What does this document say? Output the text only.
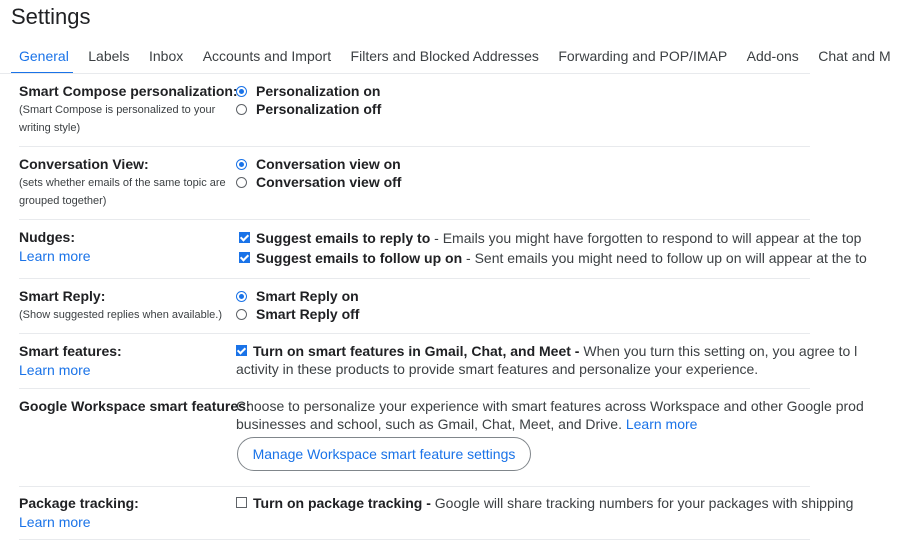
Settings
General Labels Inbox Accounts and Import Filters and Blocked Addresses Forwarding and POP/IMAP Add-ons Chat and M
Smart Compose personalization:
(Smart Compose is personalized to your writing style)
Personalization on
Personalization off
Conversation View:
(sets whether emails of the same topic are grouped together)
Conversation view on
Conversation view off
Nudges:
Learn more
Suggest emails to reply to - Emails you might have forgotten to respond to will appear at the top
Suggest emails to follow up on - Sent emails you might need to follow up on will appear at the to
Smart Reply:
(Show suggested replies when available.)
Smart Reply on
Smart Reply off
Smart features:
Learn more
Turn on smart features in Gmail, Chat, and Meet - When you turn this setting on, you agree to l
activity in these products to provide smart features and personalize your experience.
Google Workspace smart features:
Choose to personalize your experience with smart features across Workspace and other Google prod
businesses and school, such as Gmail, Chat, Meet, and Drive. Learn more
Manage Workspace smart feature settings
Package tracking:
Learn more
Turn on package tracking - Google will share tracking numbers for your packages with shipping
